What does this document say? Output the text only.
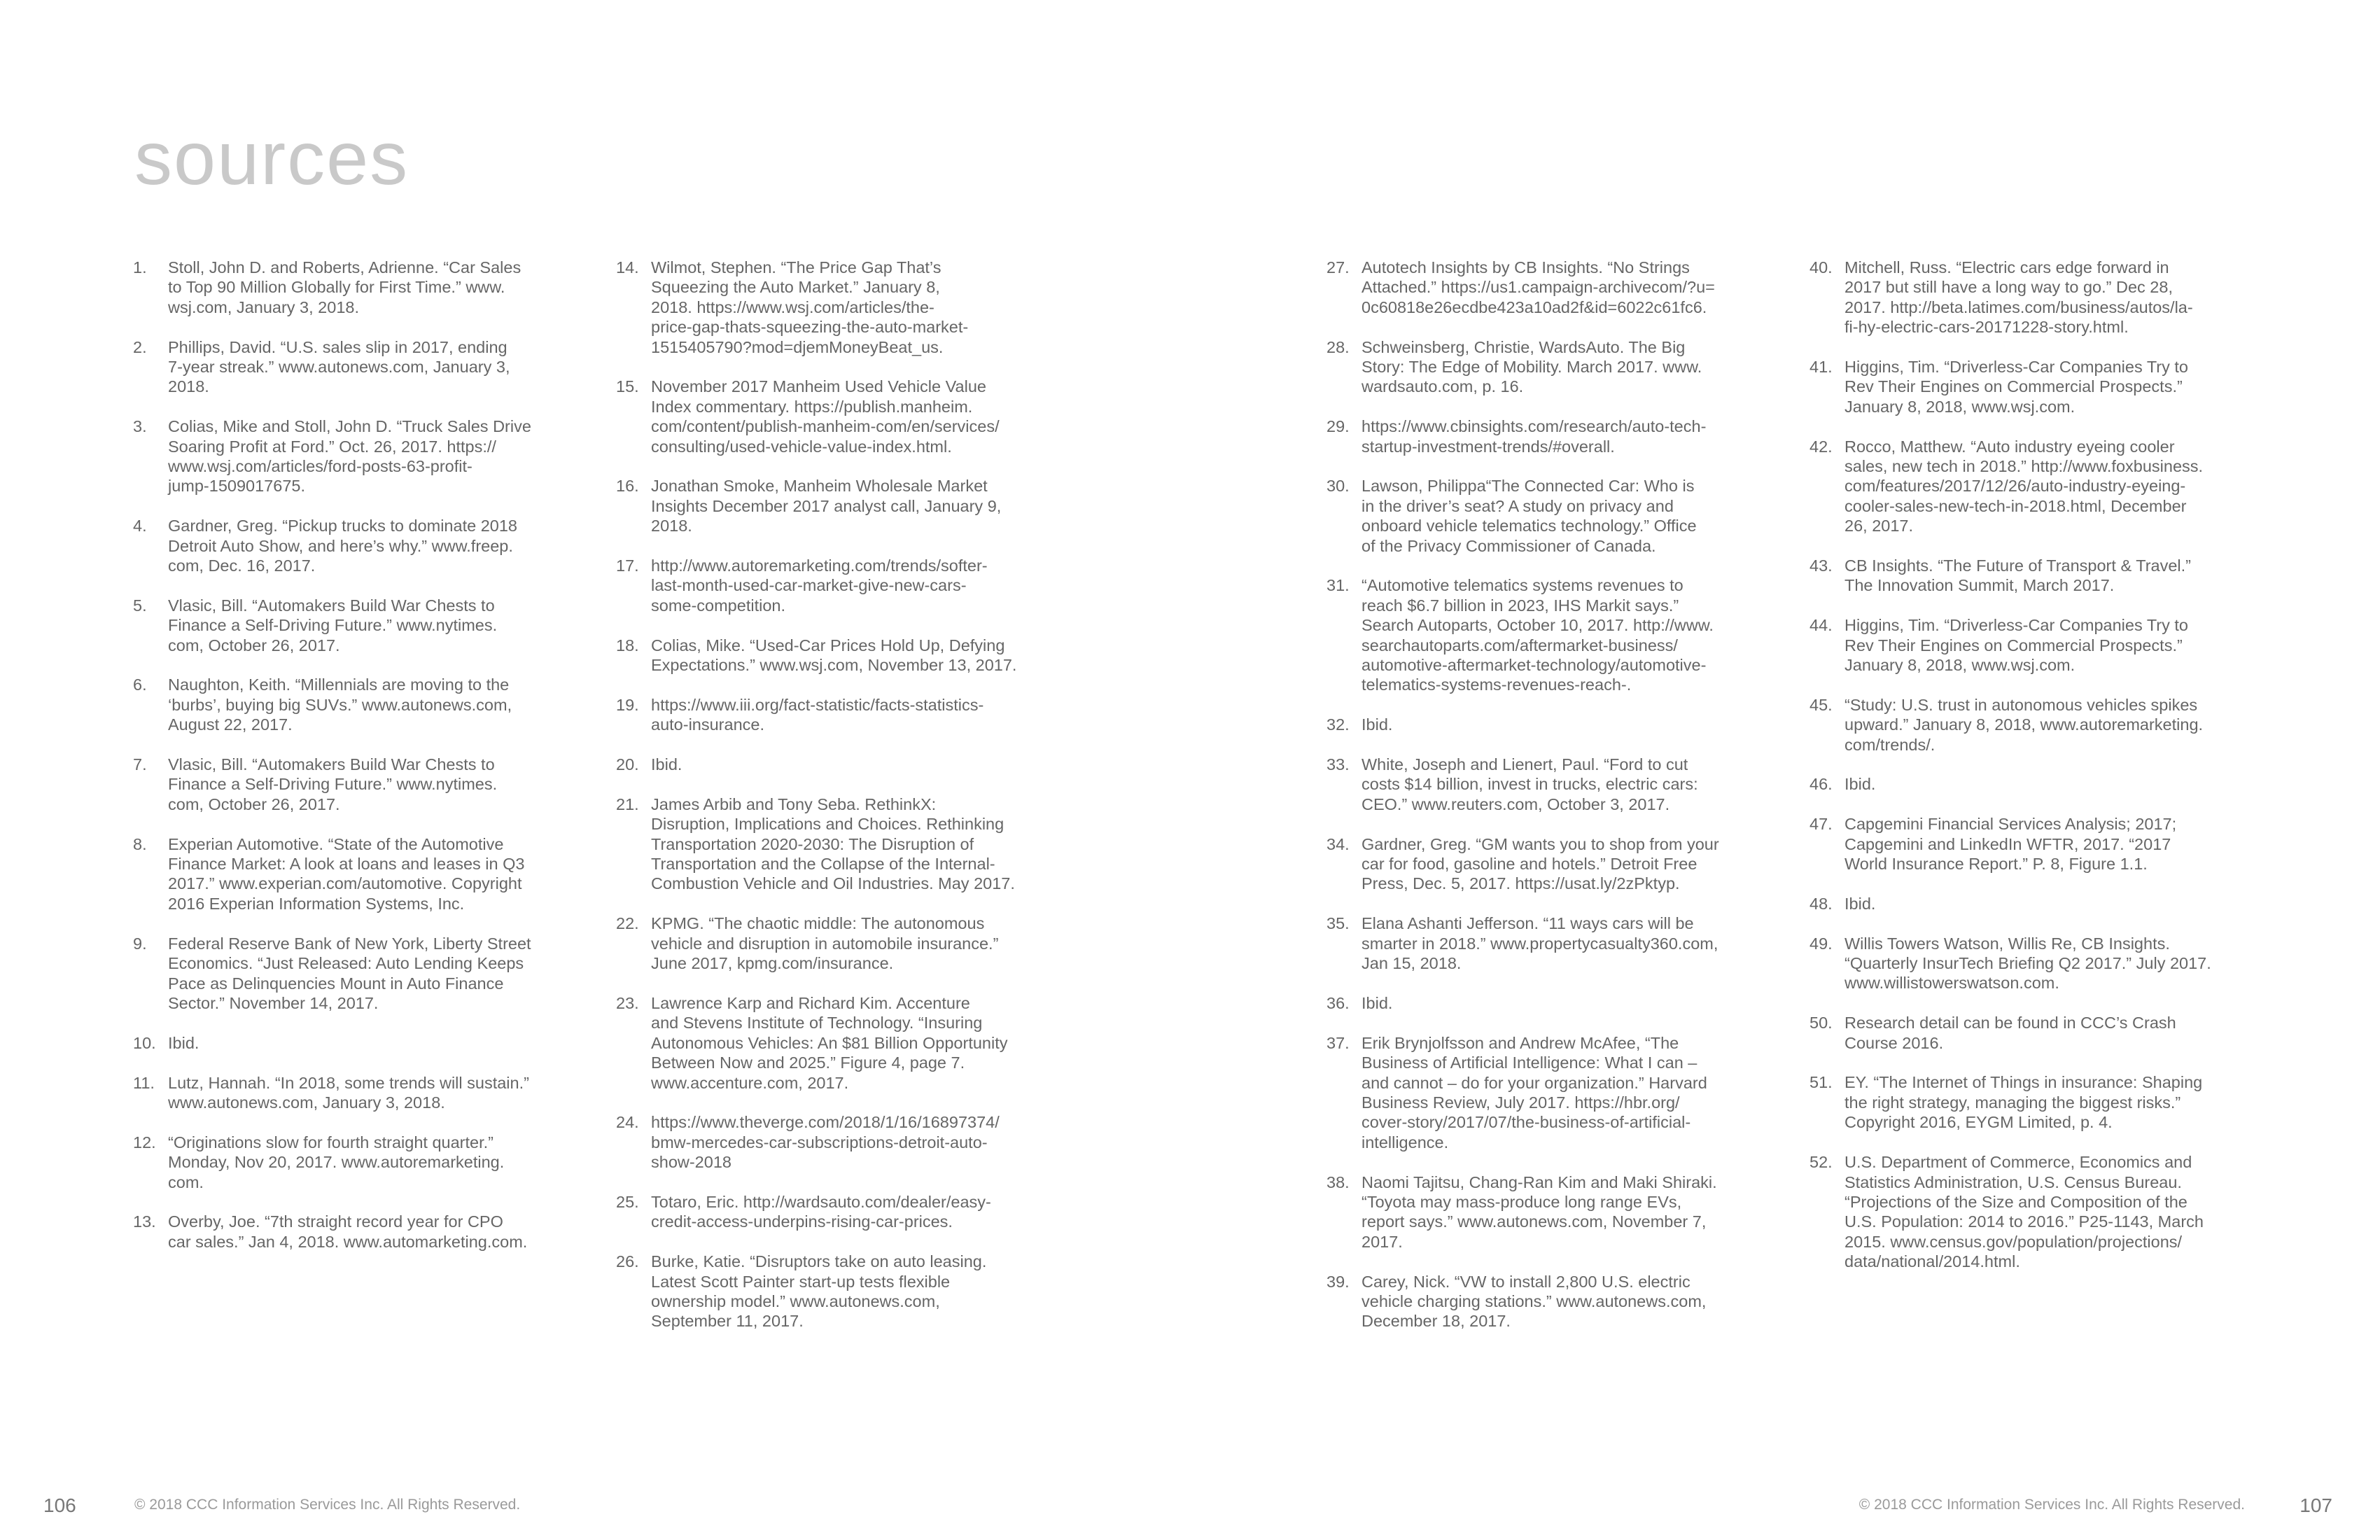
sources
1. Stoll, John D. and Roberts, Adrienne. “Car Sales
to Top 90 Million Globally for First Time.” www.
wsj.com, January 3, 2018.
2. Phillips, David. “U.S. sales slip in 2017, ending
7-year streak.” www.autonews.com, January 3,
2018.
3. Colias, Mike and Stoll, John D. “Truck Sales Drive
Soaring Profit at Ford.” Oct. 26, 2017. https://
www.wsj.com/articles/ford-posts-63-profit-
jump-1509017675.
4. Gardner, Greg. “Pickup trucks to dominate 2018
Detroit Auto Show, and here’s why.” www.freep.
com, Dec. 16, 2017.
5. Vlasic, Bill. “Automakers Build War Chests to
Finance a Self-Driving Future.” www.nytimes.
com, October 26, 2017.
6. Naughton, Keith. “Millennials are moving to the
‘burbs’, buying big SUVs.” www.autonews.com,
August 22, 2017.
7. Vlasic, Bill. “Automakers Build War Chests to
Finance a Self-Driving Future.” www.nytimes.
com, October 26, 2017.
8. Experian Automotive. “State of the Automotive
Finance Market: A look at loans and leases in Q3
2017.” www.experian.com/automotive. Copyright
2016 Experian Information Systems, Inc.
9. Federal Reserve Bank of New York, Liberty Street
Economics. “Just Released: Auto Lending Keeps
Pace as Delinquencies Mount in Auto Finance
Sector.” November 14, 2017.
10. Ibid.
11. Lutz, Hannah. “In 2018, some trends will sustain.”
www.autonews.com, January 3, 2018.
12. “Originations slow for fourth straight quarter.”
Monday, Nov 20, 2017. www.autoremarketing.
com.
13. Overby, Joe. “7th straight record year for CPO
car sales.” Jan 4, 2018. www.automarketing.com.
14. Wilmot, Stephen. “The Price Gap That’s
Squeezing the Auto Market.” January 8,
2018. https://www.wsj.com/articles/the-
price-gap-thats-squeezing-the-auto-market-
1515405790?mod=djemMoneyBeat_us.
15. November 2017 Manheim Used Vehicle Value
Index commentary. https://publish.manheim.
com/content/publish-manheim-com/en/services/
consulting/used-vehicle-value-index.html.
16. Jonathan Smoke, Manheim Wholesale Market
Insights December 2017 analyst call, January 9,
2018.
17. http://www.autoremarketing.com/trends/softer-
last-month-used-car-market-give-new-cars-
some-competition.
18. Colias, Mike. “Used-Car Prices Hold Up, Defying
Expectations.” www.wsj.com, November 13, 2017.
19. https://www.iii.org/fact-statistic/facts-statistics-
auto-insurance.
20. Ibid.
21. James Arbib and Tony Seba. RethinkX:
Disruption, Implications and Choices. Rethinking
Transportation 2020-2030: The Disruption of
Transportation and the Collapse of the Internal-
Combustion Vehicle and Oil Industries. May 2017.
22. KPMG. “The chaotic middle: The autonomous
vehicle and disruption in automobile insurance.”
June 2017, kpmg.com/insurance.
23. Lawrence Karp and Richard Kim. Accenture
and Stevens Institute of Technology. “Insuring
Autonomous Vehicles: An $81 Billion Opportunity
Between Now and 2025.” Figure 4, page 7.
www.accenture.com, 2017.
24. https://www.theverge.com/2018/1/16/16897374/
bmw-mercedes-car-subscriptions-detroit-auto-
show-2018
25. Totaro, Eric. http://wardsauto.com/dealer/easy-
credit-access-underpins-rising-car-prices.
26. Burke, Katie. “Disruptors take on auto leasing.
Latest Scott Painter start-up tests flexible
ownership model.” www.autonews.com,
September 11, 2017.
27. Autotech Insights by CB Insights. “No Strings
Attached.” https://us1.campaign-archivecom/?u=
0c60818e26ecdbe423a10ad2f&id=6022c61fc6.
28. Schweinsberg, Christie, WardsAuto. The Big
Story: The Edge of Mobility. March 2017. www.
wardsauto.com, p. 16.
29. https://www.cbinsights.com/research/auto-tech-
startup-investment-trends/#overall.
30. Lawson, Philippa“The Connected Car: Who is
in the driver’s seat? A study on privacy and
onboard vehicle telematics technology.” Office
of the Privacy Commissioner of Canada.
31. “Automotive telematics systems revenues to
reach $6.7 billion in 2023, IHS Markit says.”
Search Autoparts, October 10, 2017. http://www.
searchautoparts.com/aftermarket-business/
automotive-aftermarket-technology/automotive-
telematics-systems-revenues-reach-.
32. Ibid.
33. White, Joseph and Lienert, Paul. “Ford to cut
costs $14 billion, invest in trucks, electric cars:
CEO.” www.reuters.com, October 3, 2017.
34. Gardner, Greg. “GM wants you to shop from your
car for food, gasoline and hotels.” Detroit Free
Press, Dec. 5, 2017. https://usat.ly/2zPktyp.
35. Elana Ashanti Jefferson. “11 ways cars will be
smarter in 2018.” www.propertycasualty360.com,
Jan 15, 2018.
36. Ibid.
37. Erik Brynjolfsson and Andrew McAfee, “The
Business of Artificial Intelligence: What I can –
and cannot – do for your organization.” Harvard
Business Review, July 2017. https://hbr.org/
cover-story/2017/07/the-business-of-artificial-
intelligence.
38. Naomi Tajitsu, Chang-Ran Kim and Maki Shiraki.
“Toyota may mass-produce long range EVs,
report says.” www.autonews.com, November 7,
2017.
39. Carey, Nick. “VW to install 2,800 U.S. electric
vehicle charging stations.” www.autonews.com,
December 18, 2017.
40. Mitchell, Russ. “Electric cars edge forward in
2017 but still have a long way to go.” Dec 28,
2017. http://beta.latimes.com/business/autos/la-
fi-hy-electric-cars-20171228-story.html.
41. Higgins, Tim. “Driverless-Car Companies Try to
Rev Their Engines on Commercial Prospects.”
January 8, 2018, www.wsj.com.
42. Rocco, Matthew. “Auto industry eyeing cooler
sales, new tech in 2018.” http://www.foxbusiness.
com/features/2017/12/26/auto-industry-eyeing-
cooler-sales-new-tech-in-2018.html, December
26, 2017.
43. CB Insights. “The Future of Transport & Travel.”
The Innovation Summit, March 2017.
44. Higgins, Tim. “Driverless-Car Companies Try to
Rev Their Engines on Commercial Prospects.”
January 8, 2018, www.wsj.com.
45. “Study: U.S. trust in autonomous vehicles spikes
upward.” January 8, 2018, www.autoremarketing.
com/trends/.
46. Ibid.
47. Capgemini Financial Services Analysis; 2017;
Capgemini and LinkedIn WFTR, 2017. “2017
World Insurance Report.” P. 8, Figure 1.1.
48. Ibid.
49. Willis Towers Watson, Willis Re, CB Insights.
“Quarterly InsurTech Briefing Q2 2017.” July 2017.
www.willistowerswatson.com.
50. Research detail can be found in CCC’s Crash
Course 2016.
51. EY. “The Internet of Things in insurance: Shaping
the right strategy, managing the biggest risks.”
Copyright 2016, EYGM Limited, p. 4.
52. U.S. Department of Commerce, Economics and
Statistics Administration, U.S. Census Bureau.
“Projections of the Size and Composition of the
U.S. Population: 2014 to 2016.” P25-1143, March
2015. www.census.gov/population/projections/
data/national/2014.html.
106	© 2018 CCC Information Services Inc. All Rights Reserved.	© 2018 CCC Information Services Inc. All Rights Reserved.	107
